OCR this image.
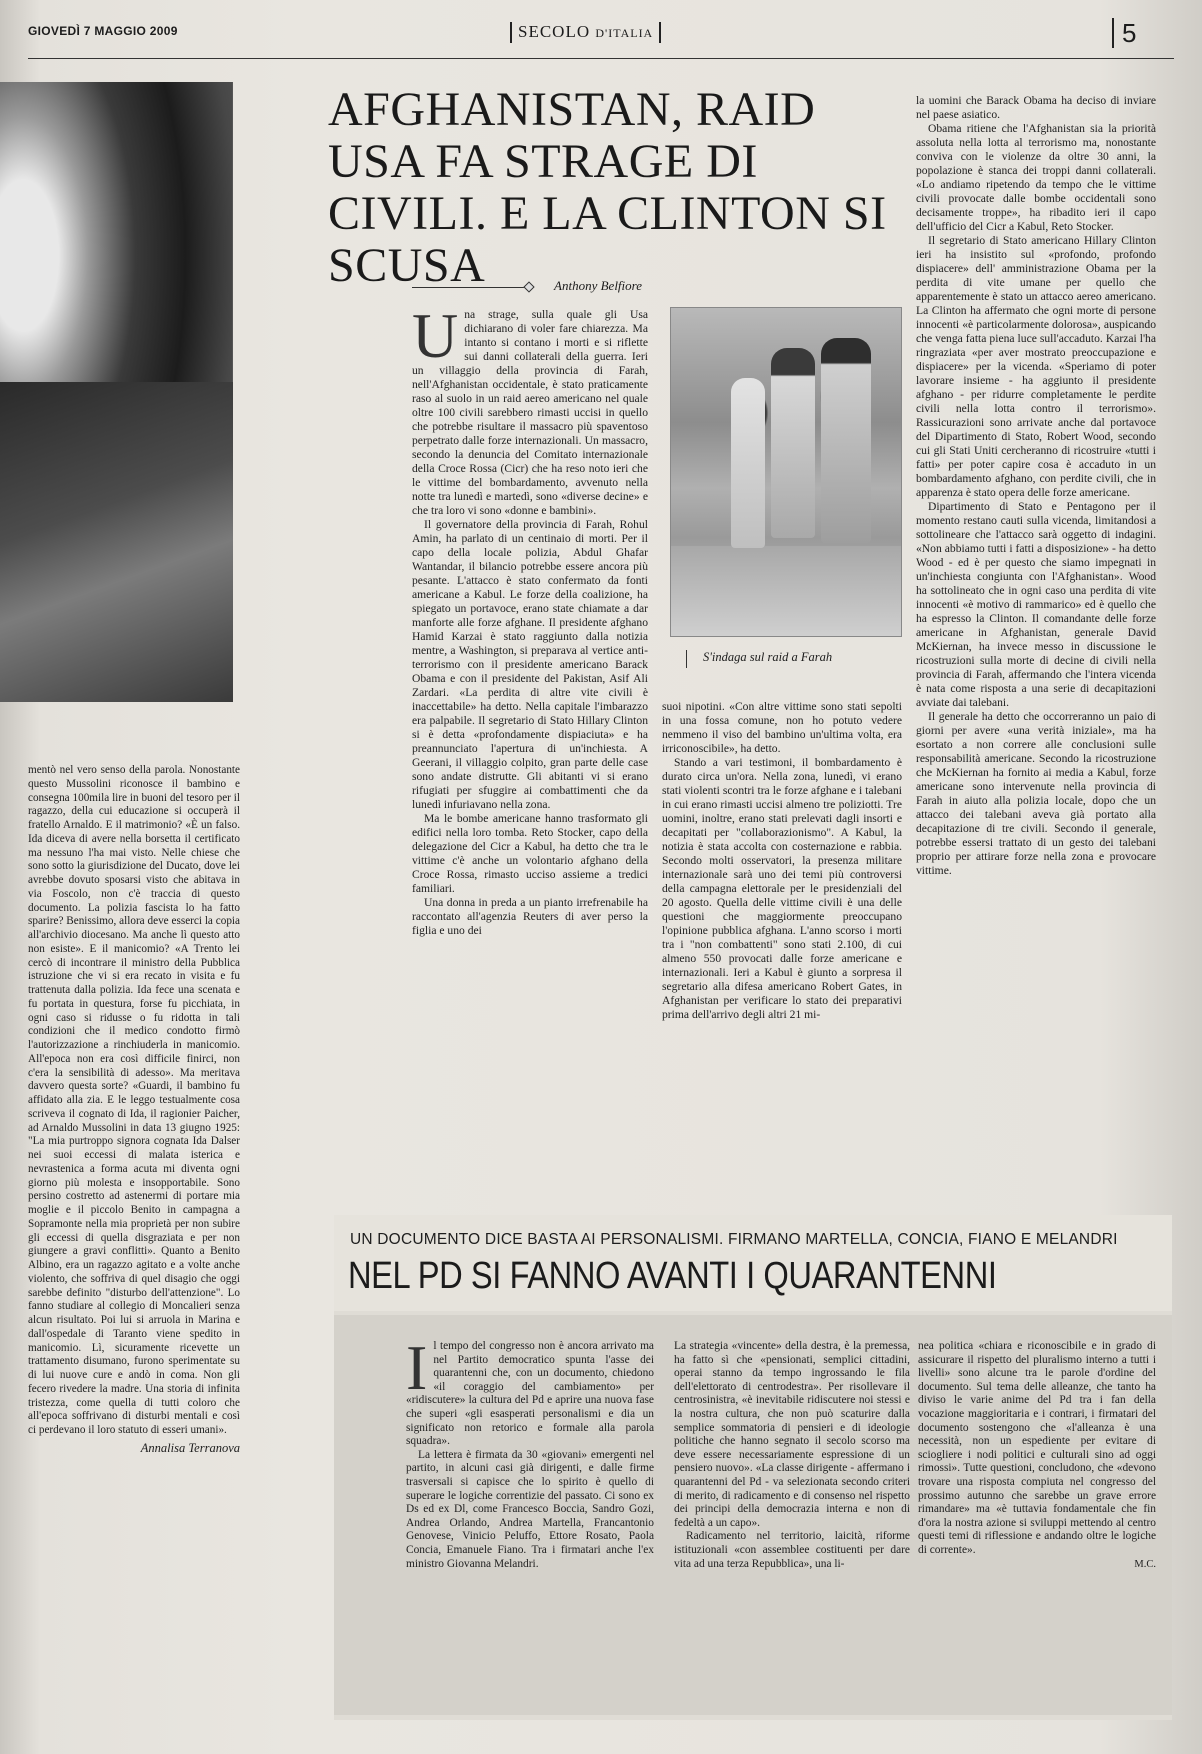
GIOVEDÌ 7 MAGGIO 2009	SECOLO D'ITALIA	5

mentò nel vero senso della parola. Nonostante questo Mussolini riconosce il bambino e consegna 100mila lire in buoni del tesoro per il ragazzo, della cui educazione si occuperà il fratello Arnaldo. E il matrimonio? «È un falso. Ida diceva di avere nella borsetta il certificato ma nessuno l'ha mai visto. Nelle chiese che sono sotto la giurisdizione del Ducato, dove lei avrebbe dovuto sposarsi visto che abitava in via Foscolo, non c'è traccia di questo documento. La polizia fascista lo ha fatto sparire? Benissimo, allora deve esserci la copia all'archivio diocesano. Ma anche lì questo atto non esiste». E il manicomio? «A Trento lei cercò di incontrare il ministro della Pubblica istruzione che vi si era recato in visita e fu trattenuta dalla polizia. Ida fece una scenata e fu portata in questura, forse fu picchiata, in ogni caso si ridusse o fu ridotta in tali condizioni che il medico condotto firmò l'autorizzazione a rinchiuderla in manicomio. All'epoca non era così difficile finirci, non c'era la sensibilità di adesso». Ma meritava davvero questa sorte? «Guardi, il bambino fu affidato alla zia. E le leggo testualmente cosa scriveva il cognato di Ida, il ragionier Paicher, ad Arnaldo Mussolini in data 13 giugno 1925: "La mia purtroppo signora cognata Ida Dalser nei suoi eccessi di malata isterica e nevrastenica a forma acuta mi diventa ogni giorno più molesta e insopportabile. Sono persino costretto ad astenermi di portare mia moglie e il piccolo Benito in campagna a Sopramonte nella mia proprietà per non subire gli eccessi di quella disgraziata e per non giungere a gravi conflitti». Quanto a Benito Albino, era un ragazzo agitato e a volte anche violento, che soffriva di quel disagio che oggi sarebbe definito "disturbo dell'attenzione". Lo fanno studiare al collegio di Moncalieri senza alcun risultato. Poi lui si arruola in Marina e dall'ospedale di Taranto viene spedito in manicomio. Lì, sicuramente ricevette un trattamento disumano, furono sperimentate su di lui nuove cure e andò in coma. Non gli fecero rivedere la madre. Una storia di infinita tristezza, come quella di tutti coloro che all'epoca soffrivano di disturbi mentali e così ci perdevano il loro statuto di esseri umani».

Annalisa Terranova
AFGHANISTAN, RAID USA FA STRAGE DI CIVILI. E LA CLINTON SI SCUSA	Anthony Belfiore

Una strage, sulla quale gli Usa dichiarano di voler fare chiarezza. Ma intanto si contano i morti e si riflette sui danni collaterali della guerra. Ieri un villaggio della provincia di Farah, nell'Afghanistan occidentale, è stato praticamente raso al suolo in un raid aereo americano nel quale oltre 100 civili sarebbero rimasti uccisi in quello che potrebbe risultare il massacro più spaventoso perpetrato dalle forze internazionali. Un massacro, secondo la denuncia del Comitato internazionale della Croce Rossa (Cicr) che ha reso noto ieri che le vittime del bombardamento, avvenuto nella notte tra lunedì e martedì, sono «diverse decine» e che tra loro vi sono «donne e bambini».

Il governatore della provincia di Farah, Rohul Amin, ha parlato di un centinaio di morti. Per il capo della locale polizia, Abdul Ghafar Wantandar, il bilancio potrebbe essere ancora più pesante. L'attacco è stato confermato da fonti americane a Kabul. Le forze della coalizione, ha spiegato un portavoce, erano state chiamate a dar manforte alle forze afghane. Il presidente afghano Hamid Karzai è stato raggiunto dalla notizia mentre, a Washington, si preparava al vertice anti-terrorismo con il presidente americano Barack Obama e con il presidente del Pakistan, Asif Ali Zardari. «La perdita di altre vite civili è inaccettabile» ha detto. Nella capitale l'imbarazzo era palpabile. Il segretario di Stato Hillary Clinton si è detta «profondamente dispiaciuta» e ha preannunciato l'apertura di un'inchiesta. A Geerani, il villaggio colpito, gran parte delle case sono andate distrutte. Gli abitanti vi si erano rifugiati per sfuggire ai combattimenti che da lunedì infuriavano nella zona.

Ma le bombe americane hanno trasformato gli edifici nella loro tomba. Reto Stocker, capo della delegazione del Cicr a Kabul, ha detto che tra le vittime c'è anche un volontario afghano della Croce Rossa, rimasto ucciso assieme a tredici familiari.

Una donna in preda a un pianto irrefrenabile ha raccontato all'agenzia Reuters di aver perso la figlia e uno dei

S'indaga sul raid a Farah

suoi nipotini. «Con altre vittime sono stati sepolti in una fossa comune, non ho potuto vedere nemmeno il viso del bambino un'ultima volta, era irriconoscibile», ha detto.

Stando a vari testimoni, il bombardamento è durato circa un'ora. Nella zona, lunedì, vi erano stati violenti scontri tra le forze afghane e i talebani in cui erano rimasti uccisi almeno tre poliziotti. Tre uomini, inoltre, erano stati prelevati dagli insorti e decapitati per "collaborazionismo". A Kabul, la notizia è stata accolta con costernazione e rabbia. Secondo molti osservatori, la presenza militare internazionale sarà uno dei temi più controversi della campagna elettorale per le presidenziali del 20 agosto. Quella delle vittime civili è una delle questioni che maggiormente preoccupano l'opinione pubblica afghana. L'anno scorso i morti tra i "non combattenti" sono stati 2.100, di cui almeno 550 provocati dalle forze americane e internazionali. Ieri a Kabul è giunto a sorpresa il segretario alla difesa americano Robert Gates, in Afghanistan per verificare lo stato dei preparativi prima dell'arrivo degli altri 21 mi-

la uomini che Barack Obama ha deciso di inviare nel paese asiatico.

Obama ritiene che l'Afghanistan sia la priorità assoluta nella lotta al terrorismo ma, nonostante conviva con le violenze da oltre 30 anni, la popolazione è stanca dei troppi danni collaterali. «Lo andiamo ripetendo da tempo che le vittime civili provocate dalle bombe occidentali sono decisamente troppe», ha ribadito ieri il capo dell'ufficio del Cicr a Kabul, Reto Stocker.

Il segretario di Stato americano Hillary Clinton ieri ha insistito sul «profondo, profondo dispiacere» dell' amministrazione Obama per la perdita di vite umane per quello che apparentemente è stato un attacco aereo americano. La Clinton ha affermato che ogni morte di persone innocenti «è particolarmente dolorosa», auspicando che venga fatta piena luce sull'accaduto. Karzai l'ha ringraziata «per aver mostrato preoccupazione e dispiacere» per la vicenda. «Speriamo di poter lavorare insieme - ha aggiunto il presidente afghano - per ridurre completamente le perdite civili nella lotta contro il terrorismo». Rassicurazioni sono arrivate anche dal portavoce del Dipartimento di Stato, Robert Wood, secondo cui gli Stati Uniti cercheranno di ricostruire «tutti i fatti» per poter capire cosa è accaduto in un bombardamento afghano, con perdite civili, che in apparenza è stato opera delle forze americane.

Dipartimento di Stato e Pentagono per il momento restano cauti sulla vicenda, limitandosi a sottolineare che l'attacco sarà oggetto di indagini. «Non abbiamo tutti i fatti a disposizione» - ha detto Wood - ed è per questo che siamo impegnati in un'inchiesta congiunta con l'Afghanistan». Wood ha sottolineato che in ogni caso una perdita di vite innocenti «è motivo di rammarico» ed è quello che ha espresso la Clinton. Il comandante delle forze americane in Afghanistan, generale David McKiernan, ha invece messo in discussione le ricostruzioni sulla morte di decine di civili nella provincia di Farah, affermando che l'intera vicenda è nata come risposta a una serie di decapitazioni avviate dai talebani.

Il generale ha detto che occorreranno un paio di giorni per avere «una verità iniziale», ma ha esortato a non correre alle conclusioni sulle responsabilità americane. Secondo la ricostruzione che McKiernan ha fornito ai media a Kabul, forze americane sono intervenute nella provincia di Farah in aiuto alla polizia locale, dopo che un attacco dei talebani aveva già portato alla decapitazione di tre civili. Secondo il generale, potrebbe essersi trattato di un gesto dei talebani proprio per attirare forze nella zona e provocare vittime.

UN DOCUMENTO DICE BASTA AI PERSONALISMI. FIRMANO MARTELLA, CONCIA, FIANO E MELANDRI
NEL PD SI FANNO AVANTI I QUARANTENNI

Il tempo del congresso non è ancora arrivato ma nel Partito democratico spunta l'asse dei quarantenni che, con un documento, chiedono «il coraggio del cambiamento» per «ridiscutere» la cultura del Pd e aprire una nuova fase che superi «gli esasperati personalismi e dia un significato non retorico e formale alla parola squadra».

La lettera è firmata da 30 «giovani» emergenti nel partito, in alcuni casi già dirigenti, e dalle firme trasversali si capisce che lo spirito è quello di superare le logiche correntizie del passato. Ci sono ex Ds ed ex Dl, come Francesco Boccia, Sandro Gozi, Andrea Orlando, Andrea Martella, Francantonio Genovese, Vinicio Peluffo, Ettore Rosato, Paola Concia, Emanuele Fiano. Tra i firmatari anche l'ex ministro Giovanna Melandri.

La strategia «vincente» della destra, è la premessa, ha fatto sì che «pensionati, semplici cittadini, operai stanno da tempo ingrossando le fila dell'elettorato di centrodestra». Per risollevare il centrosinistra, «è inevitabile ridiscutere noi stessi e la nostra cultura, che non può scaturire dalla semplice sommatoria di pensieri e di ideologie politiche che hanno segnato il secolo scorso ma deve essere necessariamente espressione di un pensiero nuovo». «La classe dirigente - affermano i quarantenni del Pd - va selezionata secondo criteri di merito, di radicamento e di consenso nel rispetto dei principi della democrazia interna e non di fedeltà a un capo».

Radicamento nel territorio, laicità, riforme istituzionali «con assemblee costituenti per dare vita ad una terza Repubblica», una li-

nea politica «chiara e riconoscibile e in grado di assicurare il rispetto del pluralismo interno a tutti i livelli» sono alcune tra le parole d'ordine del documento. Sul tema delle alleanze, che tanto ha diviso le varie anime del Pd tra i fan della vocazione maggioritaria e i contrari, i firmatari del documento sostengono che «l'alleanza è una necessità, non un espediente per evitare di sciogliere i nodi politici e culturali sino ad oggi rimossi». Tutte questioni, concludono, che «devono trovare una risposta compiuta nel congresso del prossimo autunno che sarebbe un grave errore rimandare» ma «è tuttavia fondamentale che fin d'ora la nostra azione si sviluppi mettendo al centro questi temi di riflessione e andando oltre le logiche di corrente».

M.C.
